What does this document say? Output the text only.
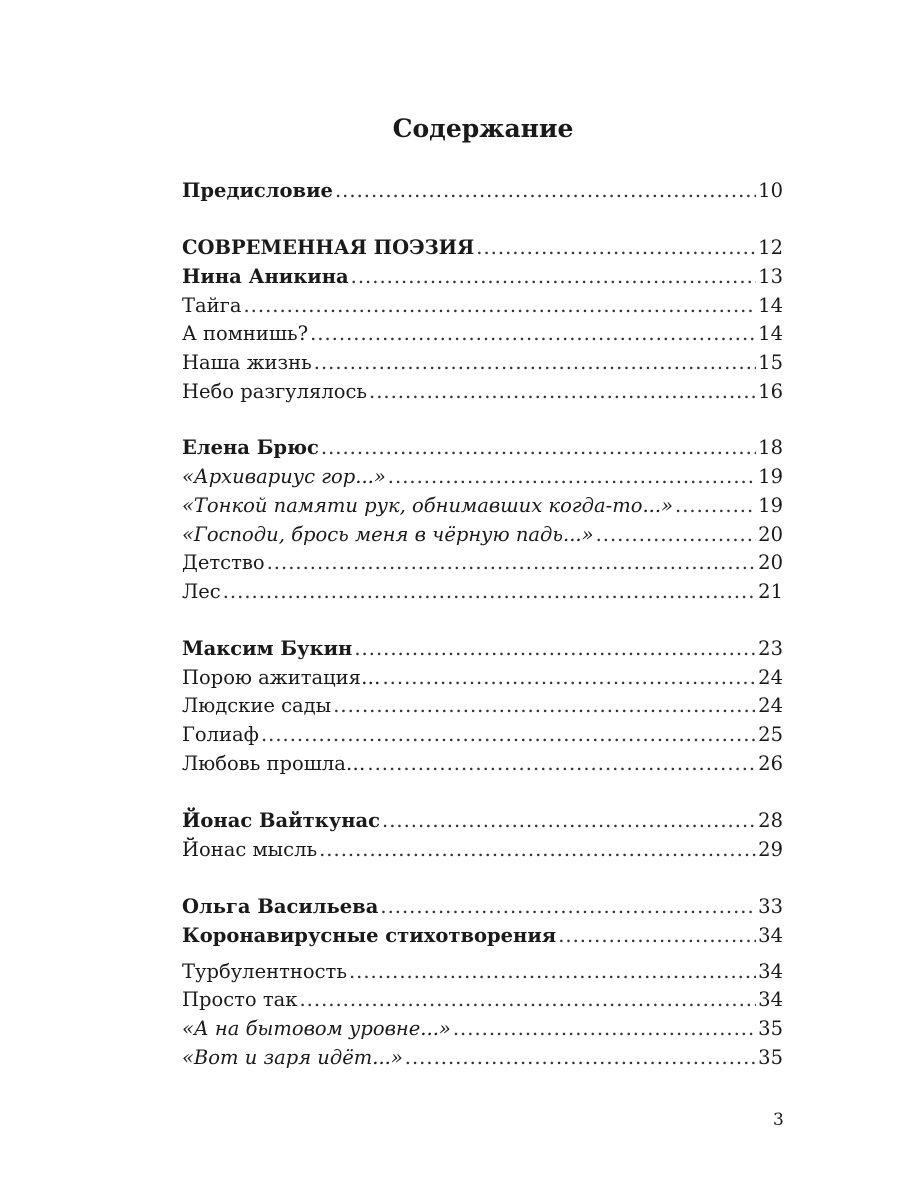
Содержание
Предисловие .....	10
СОВРЕМЕННАЯ ПОЭЗИЯ .....	12
Нина Аникина .....	13
Тайга .....	14
А помнишь? .....	14
Наша жизнь .....	15
Небо разгулялось .....	16
Елена Брюс .....	18
«Архивариус гор...» .....	19
«Тонкой памяти рук, обнимавших когда-то...» .....	19
«Господи, брось меня в чёрную падь...» .....	20
Детство .....	20
Лес .....	21
Максим Букин .....	23
Порою ажитация… .....	24
Людские сады .....	24
Голиаф .....	25
Любовь прошла… .....	26
Йонас Вайткунас .....	28
Йонас мысль .....	29
Ольга Васильева .....	33
Коронавирусные стихотворения .....	34
Турбулентность .....	34
Просто так .....	34
«А на бытовом уровне...» .....	35
«Вот и заря идёт...» .....	35
3
